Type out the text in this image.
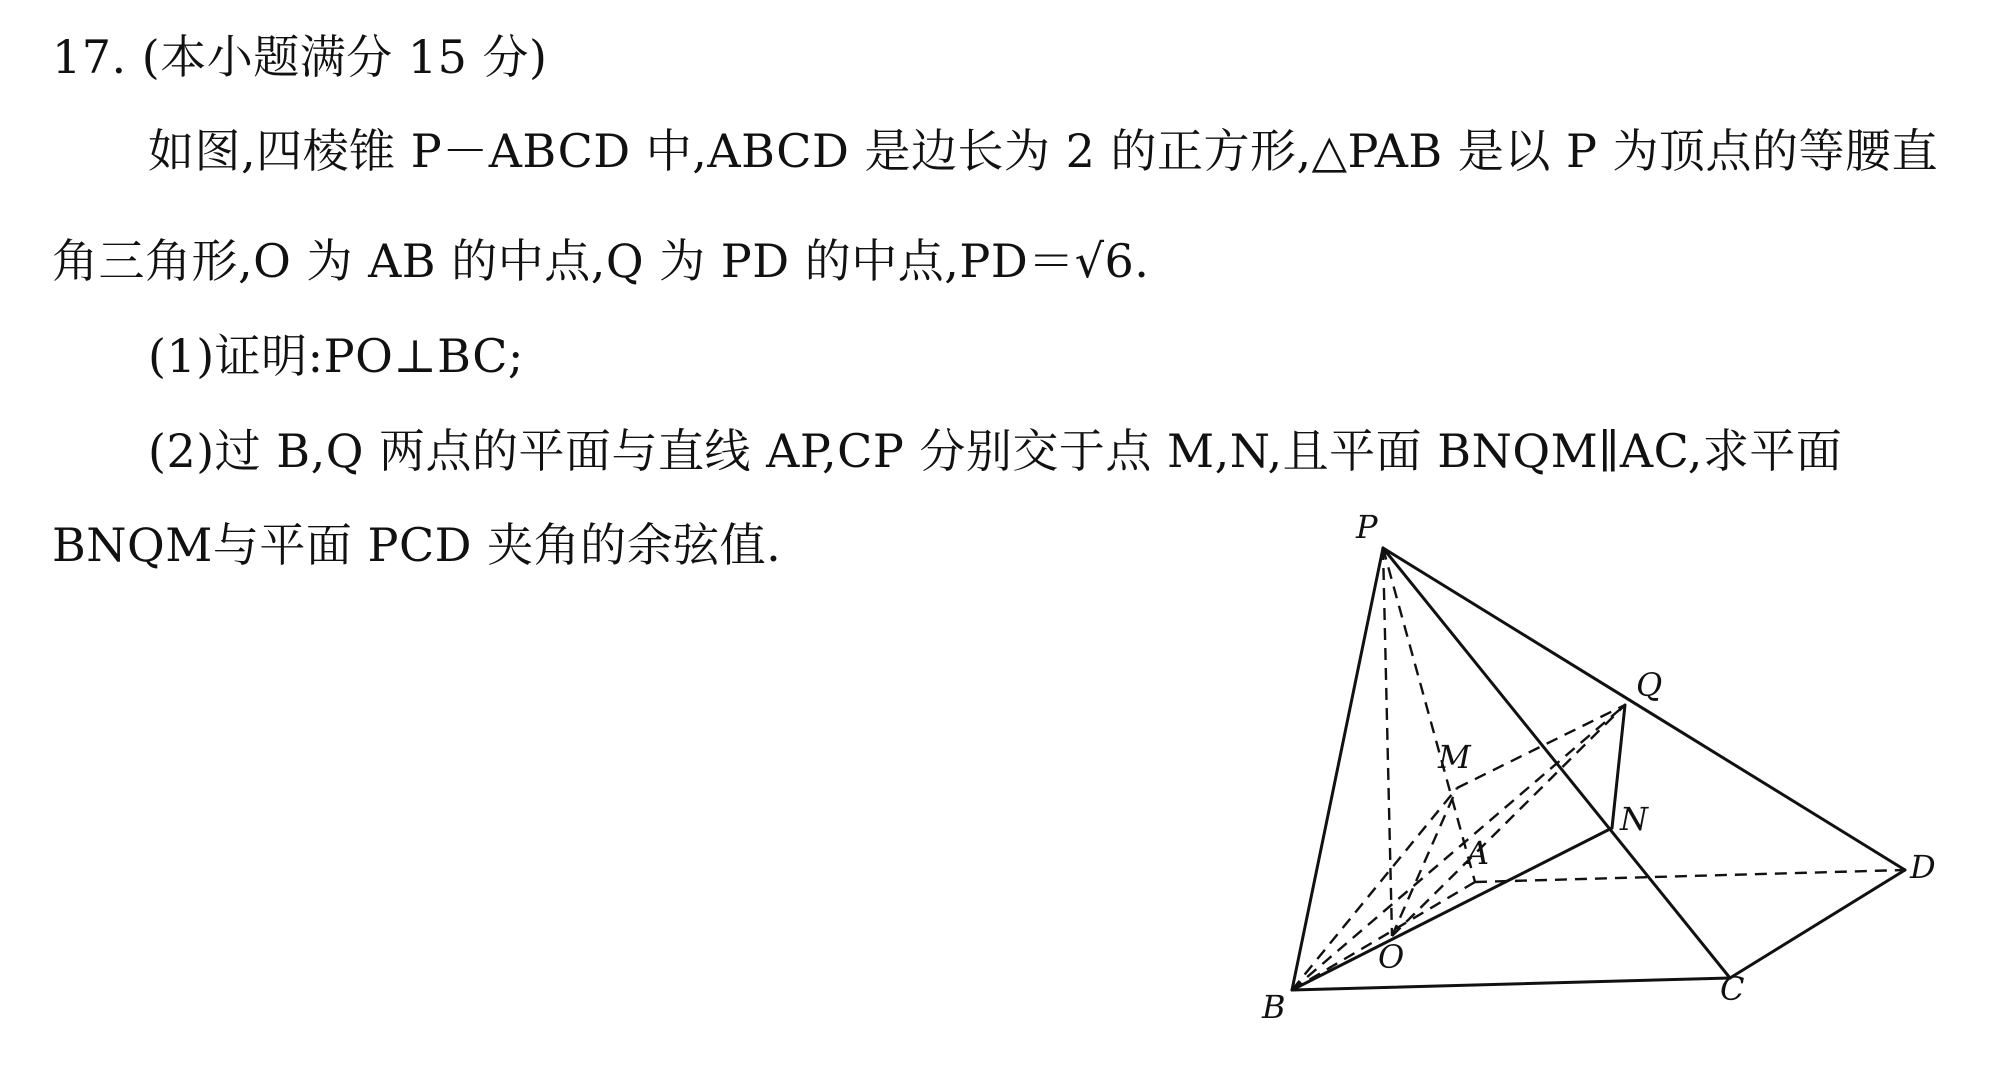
17. (本小题满分 15 分)
如图,四棱锥 P－ABCD 中,ABCD 是边长为 2 的正方形,△PAB 是以 P 为顶点的等腰直
角三角形,O 为 AB 的中点,Q 为 PD 的中点,PD＝√6.
(1)证明:PO⊥BC;
(2)过 B,Q 两点的平面与直线 AP,CP 分别交于点 M,N,且平面 BNQM∥AC,求平面
BNQM与平面 PCD 夹角的余弦值.	P
Q
M
N
A	D
O
B	C
